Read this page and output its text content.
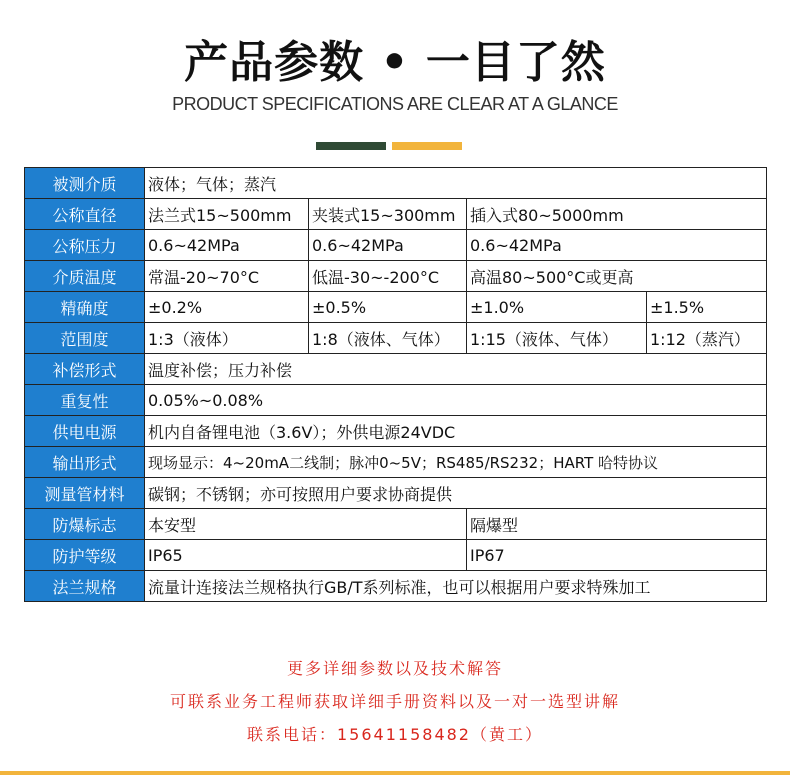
产品参数 • 一目了然
PRODUCT SPECIFICATIONS ARE CLEAR AT A GLANCE
被测介质	液体；气体；蒸汽			
公称直径	法兰式15~500mm	夹装式15~300mm	插入式80~5000mm	
公称压力	0.6~42MPa	0.6~42MPa	0.6~42MPa	
介质温度	常温-20~70°C	低温-30~-200°C	高温80~500°C或更高	
精确度	±0.2%	±0.5%	±1.0%	±1.5%
范围度	1:3（液体）	1:8（液体、气体）	1:15（液体、气体）	1:12（蒸汽）
补偿形式	温度补偿；压力补偿			
重复性	0.05%~0.08%			
供电电源	机内自备锂电池（3.6V）；外供电源24VDC			
输出形式	现场显示：4~20mA二线制；脉冲0~5V；RS485/RS232；HART 哈特协议			
测量管材料	碳钢；不锈钢；亦可按照用户要求协商提供			
防爆标志	本安型		隔爆型	
防护等级	IP65		IP67	
法兰规格	流量计连接法兰规格执行GB/T系列标准，也可以根据用户要求特殊加工			
更多详细参数以及技术解答
可联系业务工程师获取详细手册资料以及一对一选型讲解
联系电话：15641158482（黄工）
